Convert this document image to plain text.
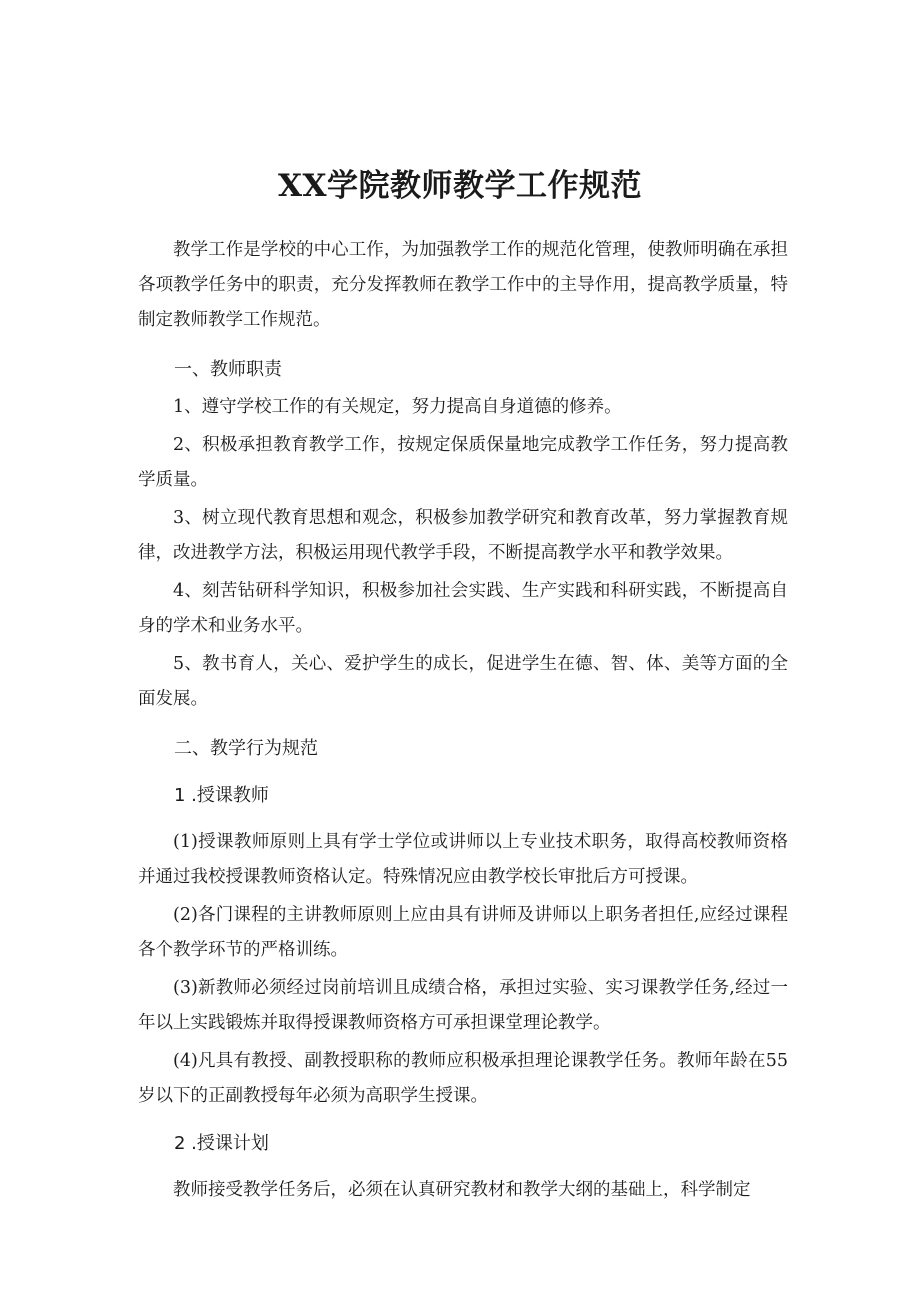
XX学院教师教学工作规范

教学工作是学校的中心工作，为加强教学工作的规范化管理，使教师明确在承担各项教学任务中的职责，充分发挥教师在教学工作中的主导作用，提高教学质量，特制定教师教学工作规范。

一、教师职责

1、遵守学校工作的有关规定，努力提高自身道德的修养。

2、积极承担教育教学工作，按规定保质保量地完成教学工作任务，努力提高教学质量。

3、树立现代教育思想和观念，积极参加教学研究和教育改革，努力掌握教育规律，改进教学方法，积极运用现代教学手段，不断提高教学水平和教学效果。

4、刻苦钻研科学知识，积极参加社会实践、生产实践和科研实践，不断提高自身的学术和业务水平。

5、教书育人，关心、爱护学生的成长，促进学生在德、智、体、美等方面的全面发展。

二、教学行为规范

1 .授课教师

(1)授课教师原则上具有学士学位或讲师以上专业技术职务，取得高校教师资格并通过我校授课教师资格认定。特殊情况应由教学校长审批后方可授课。

(2)各门课程的主讲教师原则上应由具有讲师及讲师以上职务者担任,应经过课程各个教学环节的严格训练。

(3)新教师必须经过岗前培训且成绩合格，承担过实验、实习课教学任务,经过一年以上实践锻炼并取得授课教师资格方可承担课堂理论教学。

(4)凡具有教授、副教授职称的教师应积极承担理论课教学任务。教师年龄在55岁以下的正副教授每年必须为高职学生授课。

2 .授课计划

教师接受教学任务后，必须在认真研究教材和教学大纲的基础上，科学制定
